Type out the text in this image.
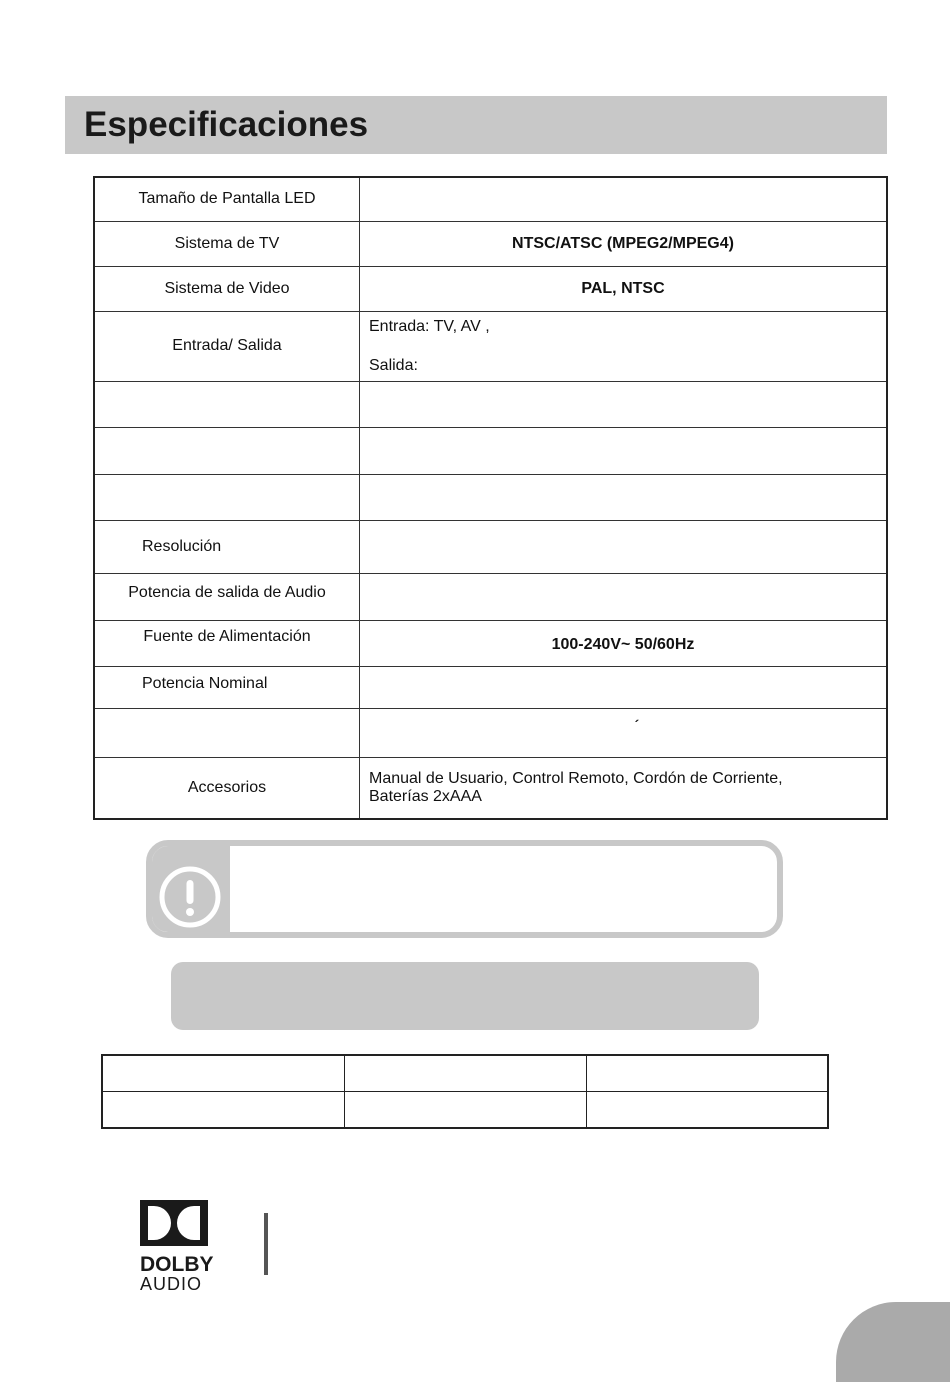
Especificaciones
Tamaño de Pantalla LED	
Sistema de TV	NTSC/ATSC (MPEG2/MPEG4)
Sistema de Video	PAL, NTSC
Entrada/ Salida	Entrada: TV, AV ,
Salida:

Resolución	
Potencia de salida de Audio	
Fuente de Alimentación	100-240V~ 50/60Hz
Potencia Nominal	
	´
Accesorios	Manual de Usuario, Control Remoto, Cordón de Corriente, Baterías 2xAAA

DOLBY
AUDIO
